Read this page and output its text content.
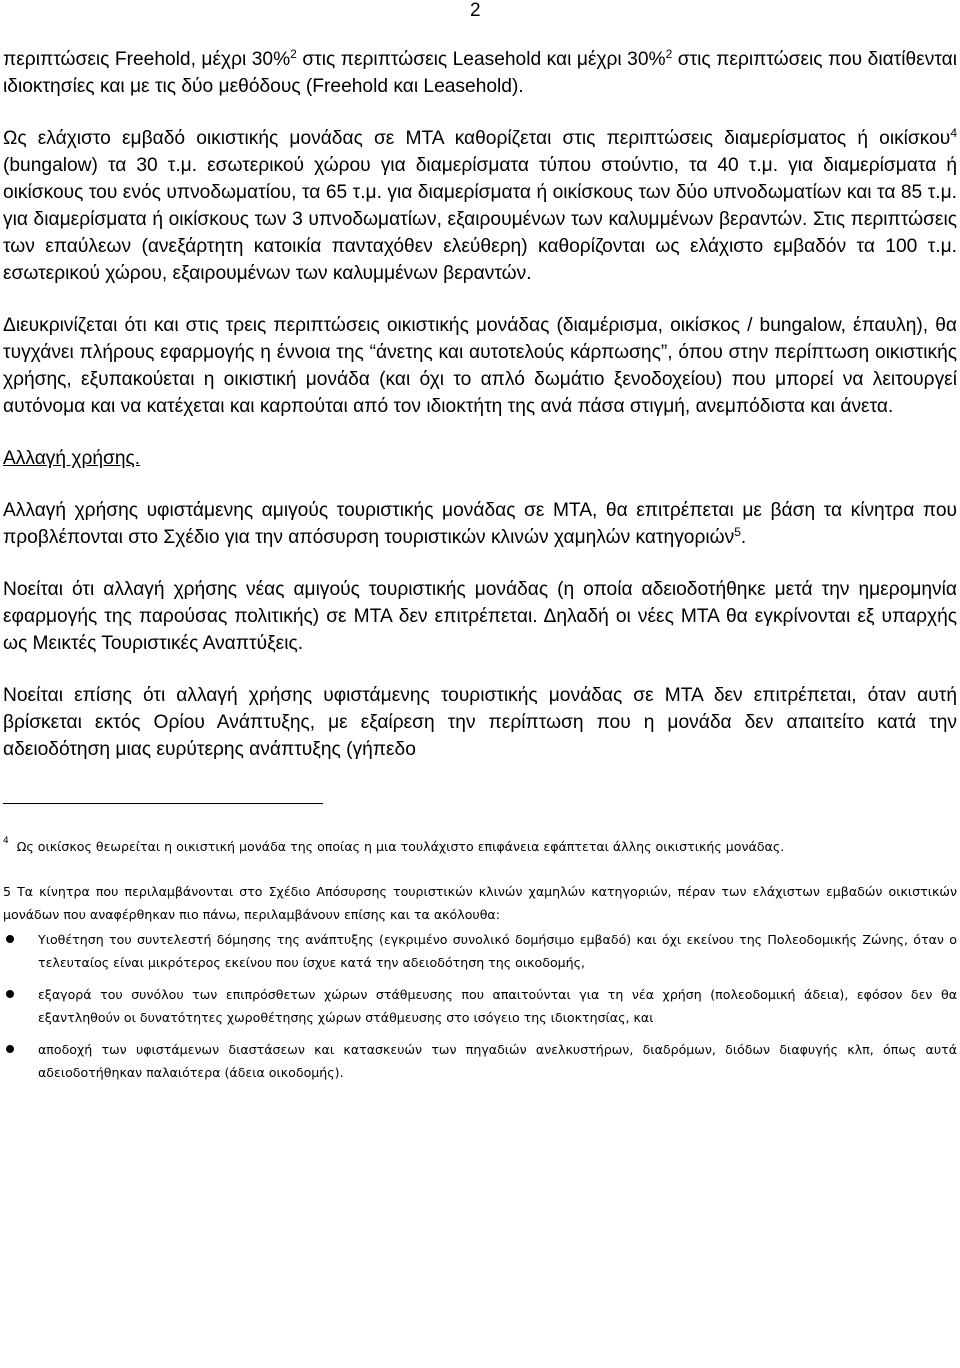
2

περιπτώσεις Freehold, μέχρι 30%$^2$ στις περιπτώσεις Leasehold και μέχρι 30%$^2$ στις περιπτώσεις που διατίθενται ιδιοκτησίες και με τις δύο μεθόδους (Freehold και Leasehold).

Ως ελάχιστο εμβαδό οικιστικής μονάδας σε ΜΤΑ καθορίζεται στις περιπτώσεις διαμερίσματος ή οικίσκου$^4$ (bungalow) τα 30 τ.μ. εσωτερικού χώρου για διαμερίσματα τύπου στούντιο, τα 40 τ.μ. για διαμερίσματα ή οικίσκους του ενός υπνοδωματίου, τα 65 τ.μ. για διαμερίσματα ή οικίσκους των δύο υπνοδωματίων και τα 85 τ.μ. για διαμερίσματα ή οικίσκους των 3 υπνοδωματίων, εξαιρουμένων των καλυμμένων βεραντών. Στις περιπτώσεις των επαύλεων (ανεξάρτητη κατοικία πανταχόθεν ελεύθερη) καθορίζονται ως ελάχιστο εμβαδόν τα 100 τ.μ. εσωτερικού χώρου, εξαιρουμένων των καλυμμένων βεραντών.

Διευκρινίζεται ότι και στις τρεις περιπτώσεις οικιστικής μονάδας (διαμέρισμα, οικίσκος / bungalow, έπαυλη), θα τυγχάνει πλήρους εφαρμογής η έννοια της “άνετης και αυτοτελούς κάρπωσης”, όπου στην περίπτωση οικιστικής χρήσης, εξυπακούεται η οικιστική μονάδα (και όχι το απλό δωμάτιο ξενοδοχείου) που μπορεί να λειτουργεί αυτόνομα και να κατέχεται και καρπούται από τον ιδιοκτήτη της ανά πάσα στιγμή, ανεμπόδιστα και άνετα.

Αλλαγή χρήσης.

Αλλαγή χρήσης υφιστάμενης αμιγούς τουριστικής μονάδας σε ΜΤΑ, θα επιτρέπεται με βάση τα κίνητρα που προβλέπονται στο Σχέδιο για την απόσυρση τουριστικών κλινών χαμηλών κατηγοριών$^5$.

Νοείται ότι αλλαγή χρήσης νέας αμιγούς τουριστικής μονάδας (η οποία αδειοδοτήθηκε μετά την ημερομηνία εφαρμογής της παρούσας πολιτικής) σε ΜΤΑ δεν επιτρέπεται. Δηλαδή οι νέες ΜΤΑ θα εγκρίνονται εξ υπαρχής ως Μεικτές Τουριστικές Αναπτύξεις.

Νοείται επίσης ότι αλλαγή χρήσης υφιστάμενης τουριστικής μονάδας σε ΜΤΑ δεν επιτρέπεται, όταν αυτή βρίσκεται εκτός Ορίου Ανάπτυξης, με εξαίρεση την περίπτωση που η μονάδα δεν απαιτείτο κατά την αδειοδότηση μιας ευρύτερης ανάπτυξης (γήπεδο

$^4$ Ως οικίσκος θεωρείται η οικιστική μονάδα της οποίας η μια τουλάχιστο επιφάνεια εφάπτεται άλλης οικιστικής μονάδας.

5 Τα κίνητρα που περιλαμβάνονται στο Σχέδιο Απόσυρσης τουριστικών κλινών χαμηλών κατηγοριών, πέραν των ελάχιστων εμβαδών οικιστικών μονάδων που αναφέρθηκαν πιο πάνω, περιλαμβάνουν επίσης και τα ακόλουθα:

Υιοθέτηση του συντελεστή δόμησης της ανάπτυξης (εγκριμένο συνολικό δομήσιμο εμβαδό) και όχι εκείνου της Πολεοδομικής Ζώνης, όταν ο τελευταίος είναι μικρότερος εκείνου που ίσχυε κατά την αδειοδότηση της οικοδομής,
εξαγορά του συνόλου των επιπρόσθετων χώρων στάθμευσης που απαιτούνται για τη νέα χρήση (πολεοδομική άδεια), εφόσον δεν θα εξαντληθούν οι δυνατότητες χωροθέτησης χώρων στάθμευσης στο ισόγειο της ιδιοκτησίας, και
αποδοχή των υφιστάμενων διαστάσεων και κατασκευών των πηγαδιών ανελκυστήρων, διαδρόμων, διόδων διαφυγής κλπ, όπως αυτά αδειοδοτήθηκαν παλαιότερα (άδεια οικοδομής).
